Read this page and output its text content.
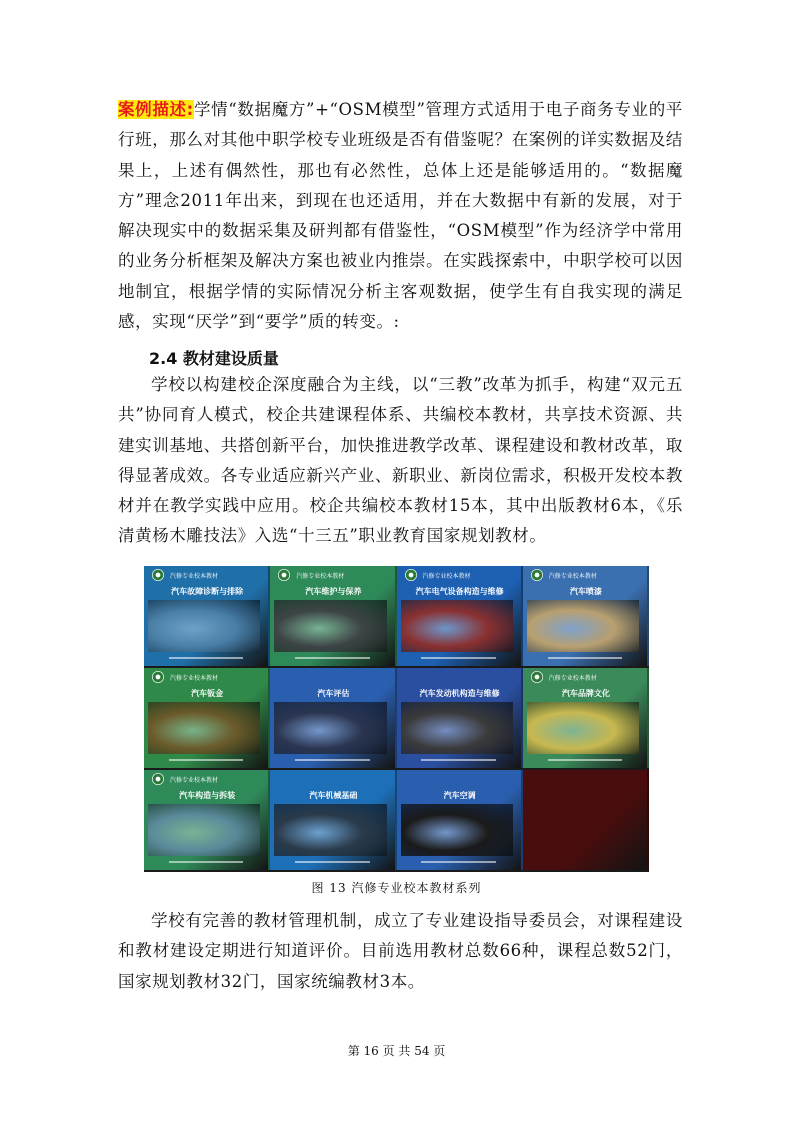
案例描述:学情“数据魔方”+“OSM模型”管理方式适用于电子商务专业的平行班，那么对其他中职学校专业班级是否有借鉴呢？在案例的详实数据及结果上，上述有偶然性，那也有必然性，总体上还是能够适用的。“数据魔方”理念2011年出来，到现在也还适用，并在大数据中有新的发展，对于解决现实中的数据采集及研判都有借鉴性，“OSM模型”作为经济学中常用的业务分析框架及解决方案也被业内推崇。在实践探索中，中职学校可以因地制宜，根据学情的实际情况分析主客观数据，使学生有自我实现的满足感，实现“厌学”到“要学”质的转变。:

2.4 教材建设质量

学校以构建校企深度融合为主线，以“三教”改革为抓手，构建“双元五共”协同育人模式，校企共建课程体系、共编校本教材，共享技术资源、共建实训基地、共搭创新平台，加快推进教学改革、课程建设和教材改革，取得显著成效。各专业适应新兴产业、新职业、新岗位需求，积极开发校本教材并在教学实践中应用。校企共编校本教材15本，其中出版教材6本，《乐清黄杨木雕技法》入选“十三五”职业教育国家规划教材。

汽修专业校本教材
汽车故障诊断与排除
汽修专业校本教材
汽车维护与保养
汽修专业校本教材
汽车电气设备构造与维修
汽修专业校本教材
汽车喷漆
汽修专业校本教材
汽车钣金	汽车评估	汽车发动机构造与维修
汽修专业校本教材
汽车品牌文化
汽修专业校本教材
汽车构造与拆装	汽车机械基础	汽车空调

图 13 汽修专业校本教材系列

学校有完善的教材管理机制，成立了专业建设指导委员会，对课程建设和教材建设定期进行知道评价。目前选用教材总数66种，课程总数52门，国家规划教材32门，国家统编教材3本。

第 16 页 共 54 页
